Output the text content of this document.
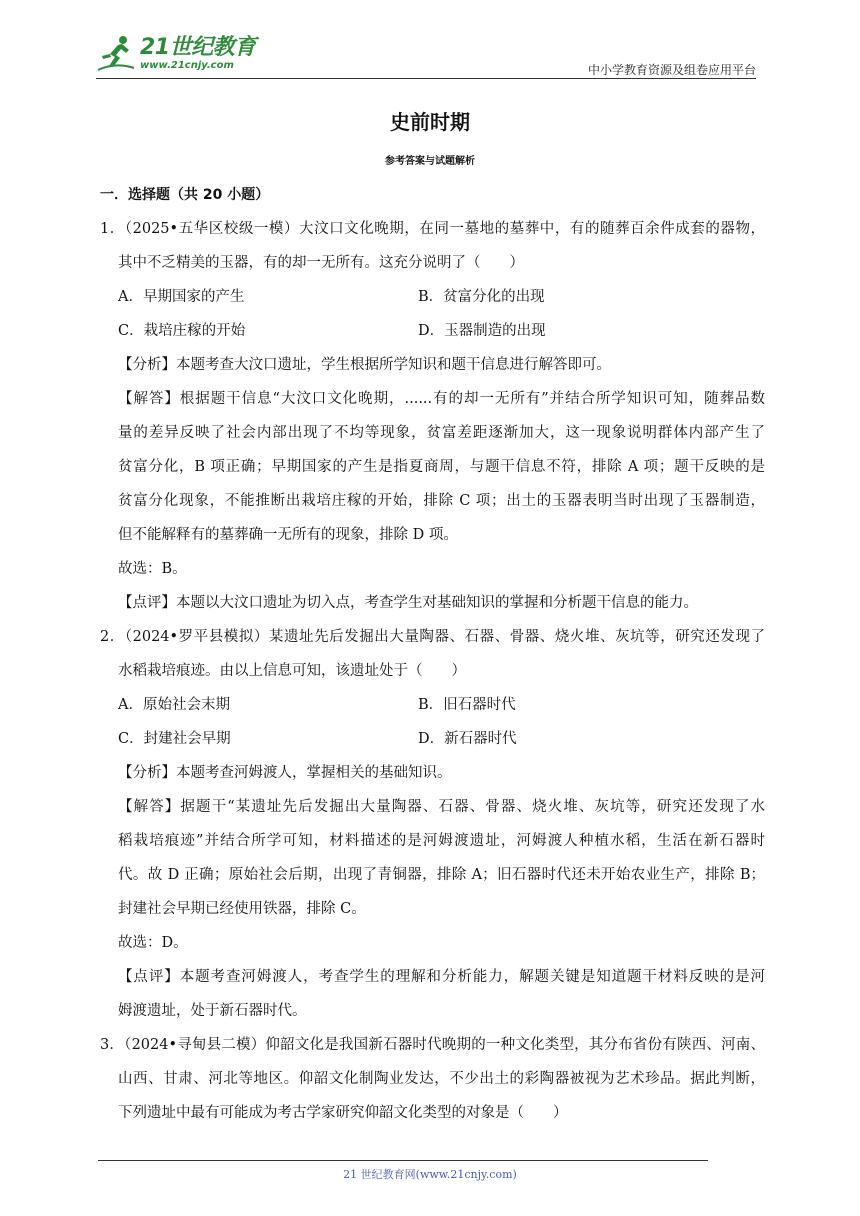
21世纪教育
www.21cnjy.com	中小学教育资源及组卷应用平台
史前时期
参考答案与试题解析
一．选择题（共 20 小题）
1．（2025•五华区校级一模）大汶口文化晚期，在同一墓地的墓葬中，有的随葬百余件成套的器物，
其中不乏精美的玉器，有的却一无所有。这充分说明了（　　）
A．早期国家的产生	B．贫富分化的出现
C．栽培庄稼的开始	D．玉器制造的出现
【分析】本题考查大汶口遗址，学生根据所学知识和题干信息进行解答即可。
【解答】根据题干信息“大汶口文化晚期，......有的却一无所有”并结合所学知识可知，随葬品数
量的差异反映了社会内部出现了不均等现象，贫富差距逐渐加大，这一现象说明群体内部产生了
贫富分化，B 项正确；早期国家的产生是指夏商周，与题干信息不符，排除 A 项；题干反映的是
贫富分化现象，不能推断出栽培庄稼的开始，排除 C 项；出土的玉器表明当时出现了玉器制造，
但不能解释有的墓葬确一无所有的现象，排除 D 项。
故选：B。
【点评】本题以大汶口遗址为切入点，考查学生对基础知识的掌握和分析题干信息的能力。
2．（2024•罗平县模拟）某遗址先后发掘出大量陶器、石器、骨器、烧火堆、灰坑等，研究还发现了
水稻栽培痕迹。由以上信息可知，该遗址处于（　　）
A．原始社会末期	B．旧石器时代
C．封建社会早期	D．新石器时代
【分析】本题考查河姆渡人，掌握相关的基础知识。
【解答】据题干“某遗址先后发掘出大量陶器、石器、骨器、烧火堆、灰坑等，研究还发现了水
稻栽培痕迹”并结合所学可知，材料描述的是河姆渡遗址，河姆渡人种植水稻，生活在新石器时
代。故 D 正确；原始社会后期，出现了青铜器，排除 A；旧石器时代还未开始农业生产，排除 B；
封建社会早期已经使用铁器，排除 C。
故选：D。
【点评】本题考查河姆渡人，考查学生的理解和分析能力，解题关键是知道题干材料反映的是河
姆渡遗址，处于新石器时代。
3．（2024•寻甸县二模）仰韶文化是我国新石器时代晚期的一种文化类型，其分布省份有陕西、河南、
山西、甘肃、河北等地区。仰韶文化制陶业发达，不少出土的彩陶器被视为艺术珍品。据此判断，
下列遗址中最有可能成为考古学家研究仰韶文化类型的对象是（　　）
21 世纪教育网(www.21cnjy.com)
